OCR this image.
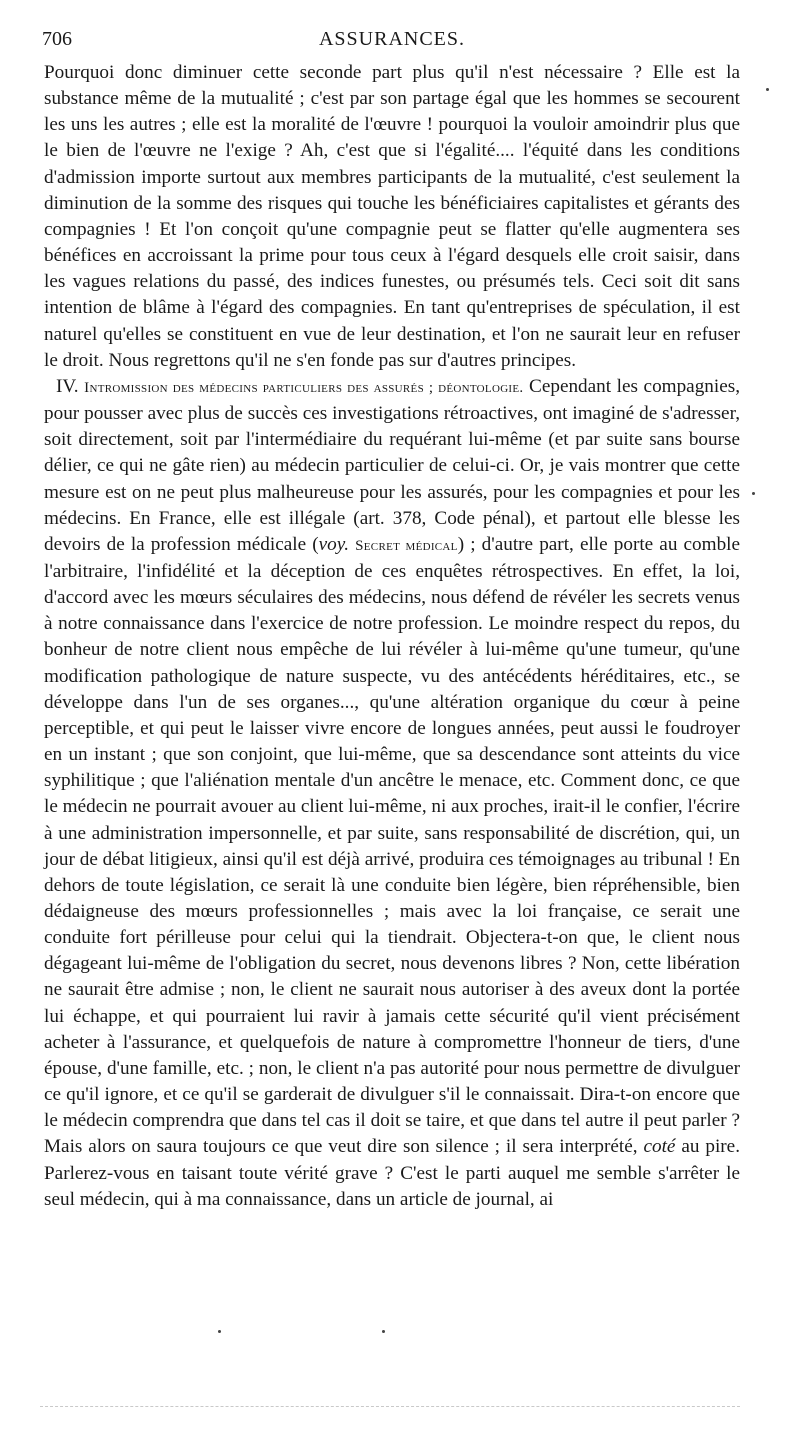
706	ASSURANCES.

Pourquoi donc diminuer cette seconde part plus qu'il n'est nécessaire ? Elle est la substance même de la mutualité ; c'est par son partage égal que les hommes se secourent les uns les autres ; elle est la moralité de l'œuvre ! pourquoi la vouloir amoindrir plus que le bien de l'œuvre ne l'exige ? Ah, c'est que si l'égalité.... l'équité dans les conditions d'admission importe surtout aux membres participants de la mutualité, c'est seulement la diminution de la somme des risques qui touche les bénéficiaires capitalistes et gérants des compagnies ! Et l'on conçoit qu'une compagnie peut se flatter qu'elle augmentera ses bénéfices en accroissant la prime pour tous ceux à l'égard desquels elle croit saisir, dans les vagues relations du passé, des indices funestes, ou présumés tels. Ceci soit dit sans intention de blâme à l'égard des compagnies. En tant qu'entreprises de spéculation, il est naturel qu'elles se constituent en vue de leur destination, et l'on ne saurait leur en refuser le droit. Nous regrettons qu'il ne s'en fonde pas sur d'autres principes.

IV. Intromission des médecins particuliers des assurés ; déontologie. Cependant les compagnies, pour pousser avec plus de succès ces investigations rétroactives, ont imaginé de s'adresser, soit directement, soit par l'intermédiaire du requérant lui-même (et par suite sans bourse délier, ce qui ne gâte rien) au médecin particulier de celui-ci. Or, je vais montrer que cette mesure est on ne peut plus malheureuse pour les assurés, pour les compagnies et pour les médecins. En France, elle est illégale (art. 378, Code pénal), et partout elle blesse les devoirs de la profession médicale (voy. Secret médical) ; d'autre part, elle porte au comble l'arbitraire, l'infidélité et la déception de ces enquêtes rétrospectives. En effet, la loi, d'accord avec les mœurs séculaires des médecins, nous défend de révéler les secrets venus à notre connaissance dans l'exercice de notre profession. Le moindre respect du repos, du bonheur de notre client nous empêche de lui révéler à lui-même qu'une tumeur, qu'une modification pathologique de nature suspecte, vu des antécédents héréditaires, etc., se développe dans l'un de ses organes..., qu'une altération organique du cœur à peine perceptible, et qui peut le laisser vivre encore de longues années, peut aussi le foudroyer en un instant ; que son conjoint, que lui-même, que sa descendance sont atteints du vice syphilitique ; que l'aliénation mentale d'un ancêtre le menace, etc. Comment donc, ce que le médecin ne pourrait avouer au client lui-même, ni aux proches, irait-il le confier, l'écrire à une administration impersonnelle, et par suite, sans responsabilité de discrétion, qui, un jour de débat litigieux, ainsi qu'il est déjà arrivé, produira ces témoignages au tribunal ! En dehors de toute législation, ce serait là une conduite bien légère, bien répréhensible, bien dédaigneuse des mœurs professionnelles ; mais avec la loi française, ce serait une conduite fort périlleuse pour celui qui la tiendrait. Objectera-t-on que, le client nous dégageant lui-même de l'obligation du secret, nous devenons libres ? Non, cette libération ne saurait être admise ; non, le client ne saurait nous autoriser à des aveux dont la portée lui échappe, et qui pourraient lui ravir à jamais cette sécurité qu'il vient précisément acheter à l'assurance, et quelquefois de nature à compromettre l'honneur de tiers, d'une épouse, d'une famille, etc. ; non, le client n'a pas autorité pour nous permettre de divulguer ce qu'il ignore, et ce qu'il se garderait de divulguer s'il le connaissait. Dira-t-on encore que le médecin comprendra que dans tel cas il doit se taire, et que dans tel autre il peut parler ? Mais alors on saura toujours ce que veut dire son silence ; il sera interprété, coté au pire. Parlerez-vous en taisant toute vérité grave ? C'est le parti auquel me semble s'arrêter le seul médecin, qui à ma connaissance, dans un article de journal, ai
